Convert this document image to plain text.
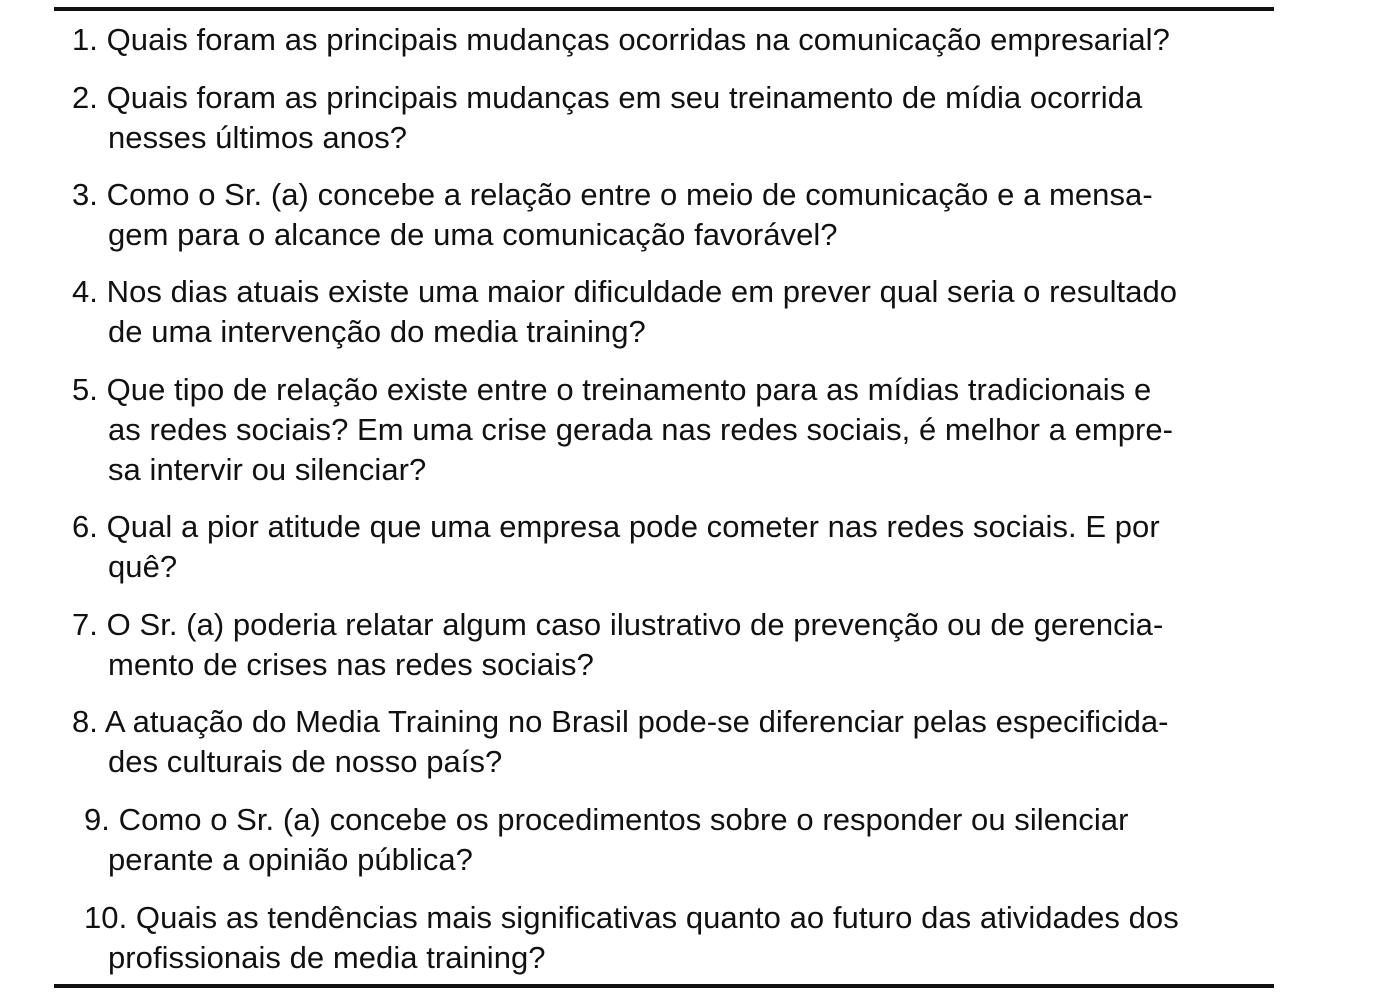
1. Quais foram as principais mudanças ocorridas na comunicação empresarial?
2. Quais foram as principais mudanças em seu treinamento de mídia ocorrida
nesses últimos anos?
3. Como o Sr. (a) concebe a relação entre o meio de comunicação e a mensa-
gem para o alcance de uma comunicação favorável?
4. Nos dias atuais existe uma maior dificuldade em prever qual seria o resultado
de uma intervenção do media training?
5. Que tipo de relação existe entre o treinamento para as mídias tradicionais e
as redes sociais? Em uma crise gerada nas redes sociais, é melhor a empre-
sa intervir ou silenciar?
6. Qual a pior atitude que uma empresa pode cometer nas redes sociais. E por
quê?
7. O Sr. (a) poderia relatar algum caso ilustrativo de prevenção ou de gerencia-
mento de crises nas redes sociais?
8. A atuação do Media Training no Brasil pode-se diferenciar pelas especificida-
des culturais de nosso país?
9. Como o Sr. (a) concebe os procedimentos sobre o responder ou silenciar
perante a opinião pública?
10. Quais as tendências mais significativas quanto ao futuro das atividades dos
profissionais de media training?
